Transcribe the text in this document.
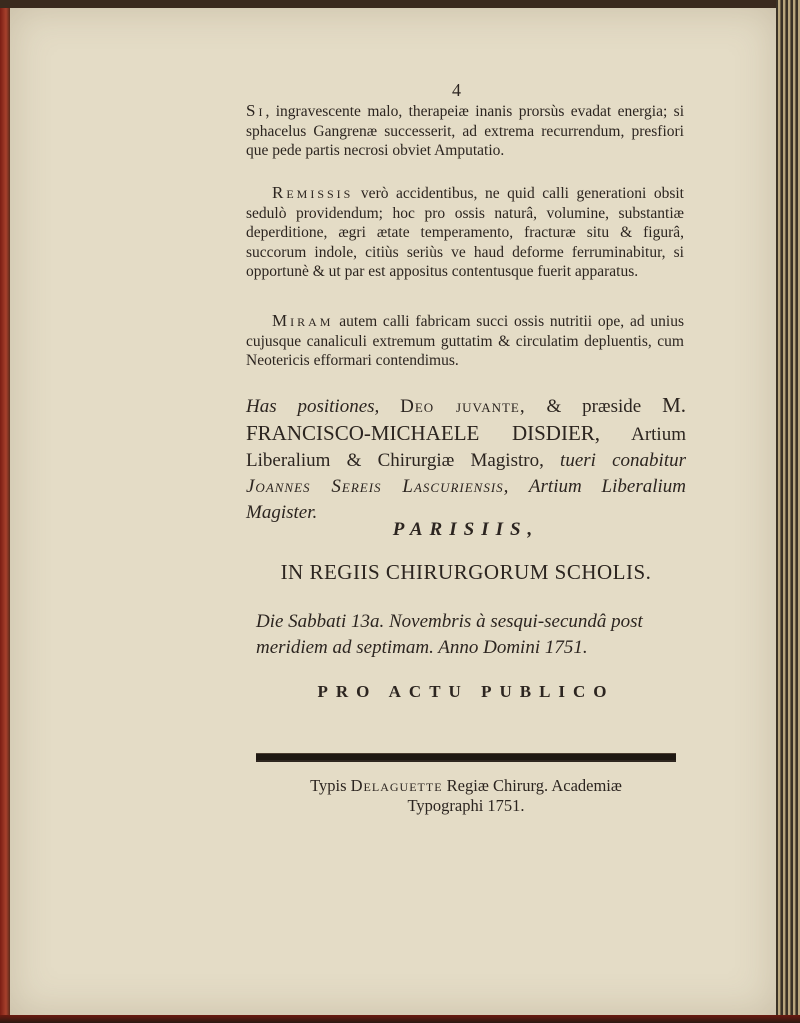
4

Si, ingravescente malo, therapeiæ inanis prorsùs evadat energia; si sphacelus Gangrenæ successerit, ad extrema recurrendum, presfiori que pede partis necrosi obviet Amputatio.

Remissis verò accidentibus, ne quid calli generationi obsit sedulò providendum; hoc pro ossis naturâ, volumine, substantiæ deperditione, ægri ætate temperamento, fracturæ situ & figurâ, succorum indole, citiùs seriùs ve haud deforme ferruminabitur, si opportunè & ut par est appositus contentusque fuerit apparatus.

Miram autem calli fabricam succi ossis nutritii ope, ad unius cujusque canaliculi extremum guttatim & circulatim depluentis, cum Neotericis efformari contendimus.

Has positiones, Deo juvante, & præside M. FRANCISCO-MICHAELE DISDIER, Artium Liberalium & Chirurgiæ Magistro, tueri conabitur Joannes Sereis Lascuriensis, Artium Liberalium Magister.

PARISIIS,
IN REGIIS CHIRURGORUM SCHOLIS.

Die Sabbati 13a. Novembris à sesqui-secundâ post meridiem ad septimam. Anno Domini 1751.

PRO ACTU PUBLICO
Typis Delaguette Regiæ Chirurg. Academiæ
Typographi 1751.
